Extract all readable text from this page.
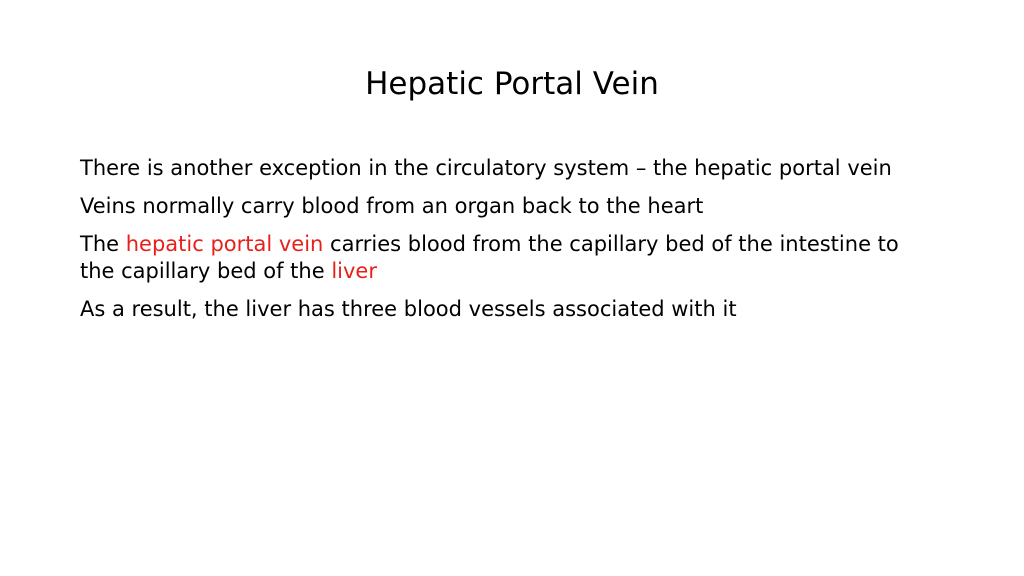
Hepatic Portal Vein

There is another exception in the circulatory system – the hepatic portal vein

Veins normally carry blood from an organ back to the heart

The hepatic portal vein carries blood from the capillary bed of the intestine to the capillary bed of the liver

As a result, the liver has three blood vessels associated with it
